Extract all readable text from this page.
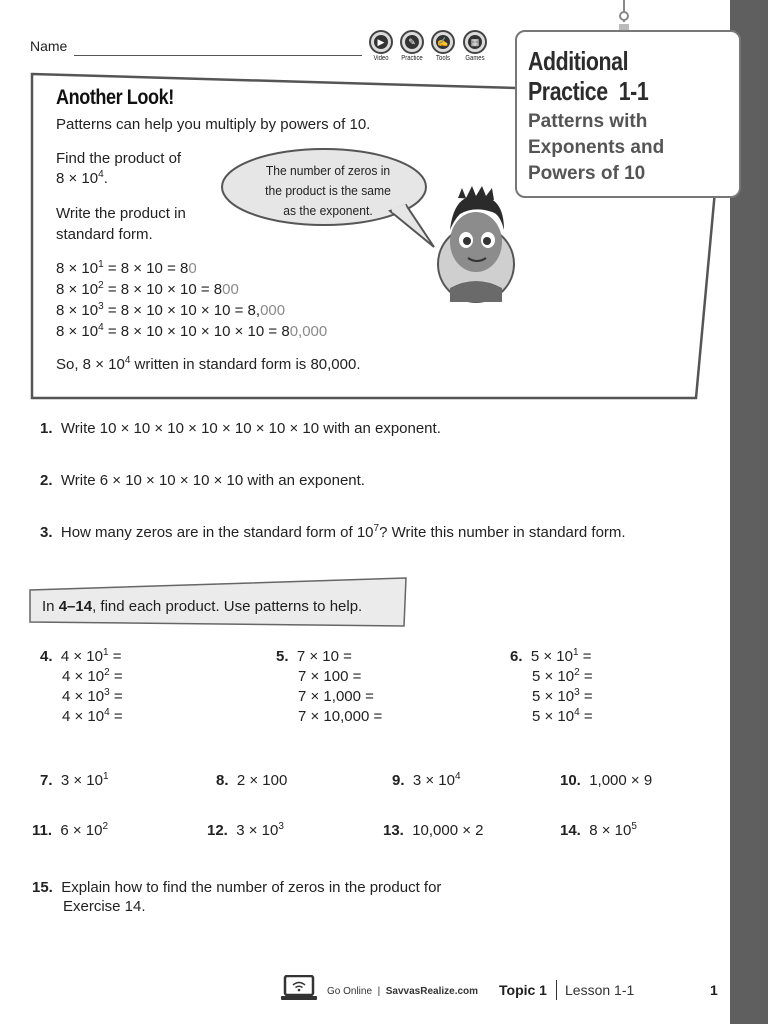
Name	▶
Video
✎
Practice
✍
Tools
▦
Games Additional
Practice 1-1
Patterns with
Exponents and
Powers of 10
Another Look!
Patterns can help you multiply by powers of 10.
Find the product of
$8 \times 10^4$.
Write the product in
standard form.
$8 \times 10^1 = 8 \times 10 = 80$
$8 \times 10^2 = 8 \times 10 \times 10 = 800$
$8 \times 10^3 = 8 \times 10 \times 10 \times 10 = 8,000$
$8 \times 10^4 = 8 \times 10 \times 10 \times 10 \times 10 = 80,000$
So, $8 \times 10^4$ written in standard form is 80,000.
The number of zeros in
the product is the same
as the exponent.
1. Write 10 × 10 × 10 × 10 × 10 × 10 × 10 with an exponent.
2. Write 6 × 10 × 10 × 10 × 10 with an exponent.
3. How many zeros are in the standard form of $10^7$? Write this number in standard form.
In 4–14, find each product. Use patterns to help.
4. $4 \times 10^1$ =
$4 \times 10^2$ =
$4 \times 10^3$ =
$4 \times 10^4$ =
5. 7 × 10 =
7 × 100 =
7 × 1,000 =
7 × 10,000 =
6. $5 \times 10^1$ =
$5 \times 10^2$ =
$5 \times 10^3$ =
$5 \times 10^4$ =
7. $3 \times 10^1$	8. 2 × 100	9. $3 \times 10^4$	10. 1,000 × 9
11. $6 \times 10^2$	12. $3 \times 10^3$	13. 10,000 × 2	14. $8 \times 10^5$
15. Explain how to find the number of zeros in the product for
Exercise 14.
Go Online | SavvasRealize.com Topic 1 Lesson 1-1	1
